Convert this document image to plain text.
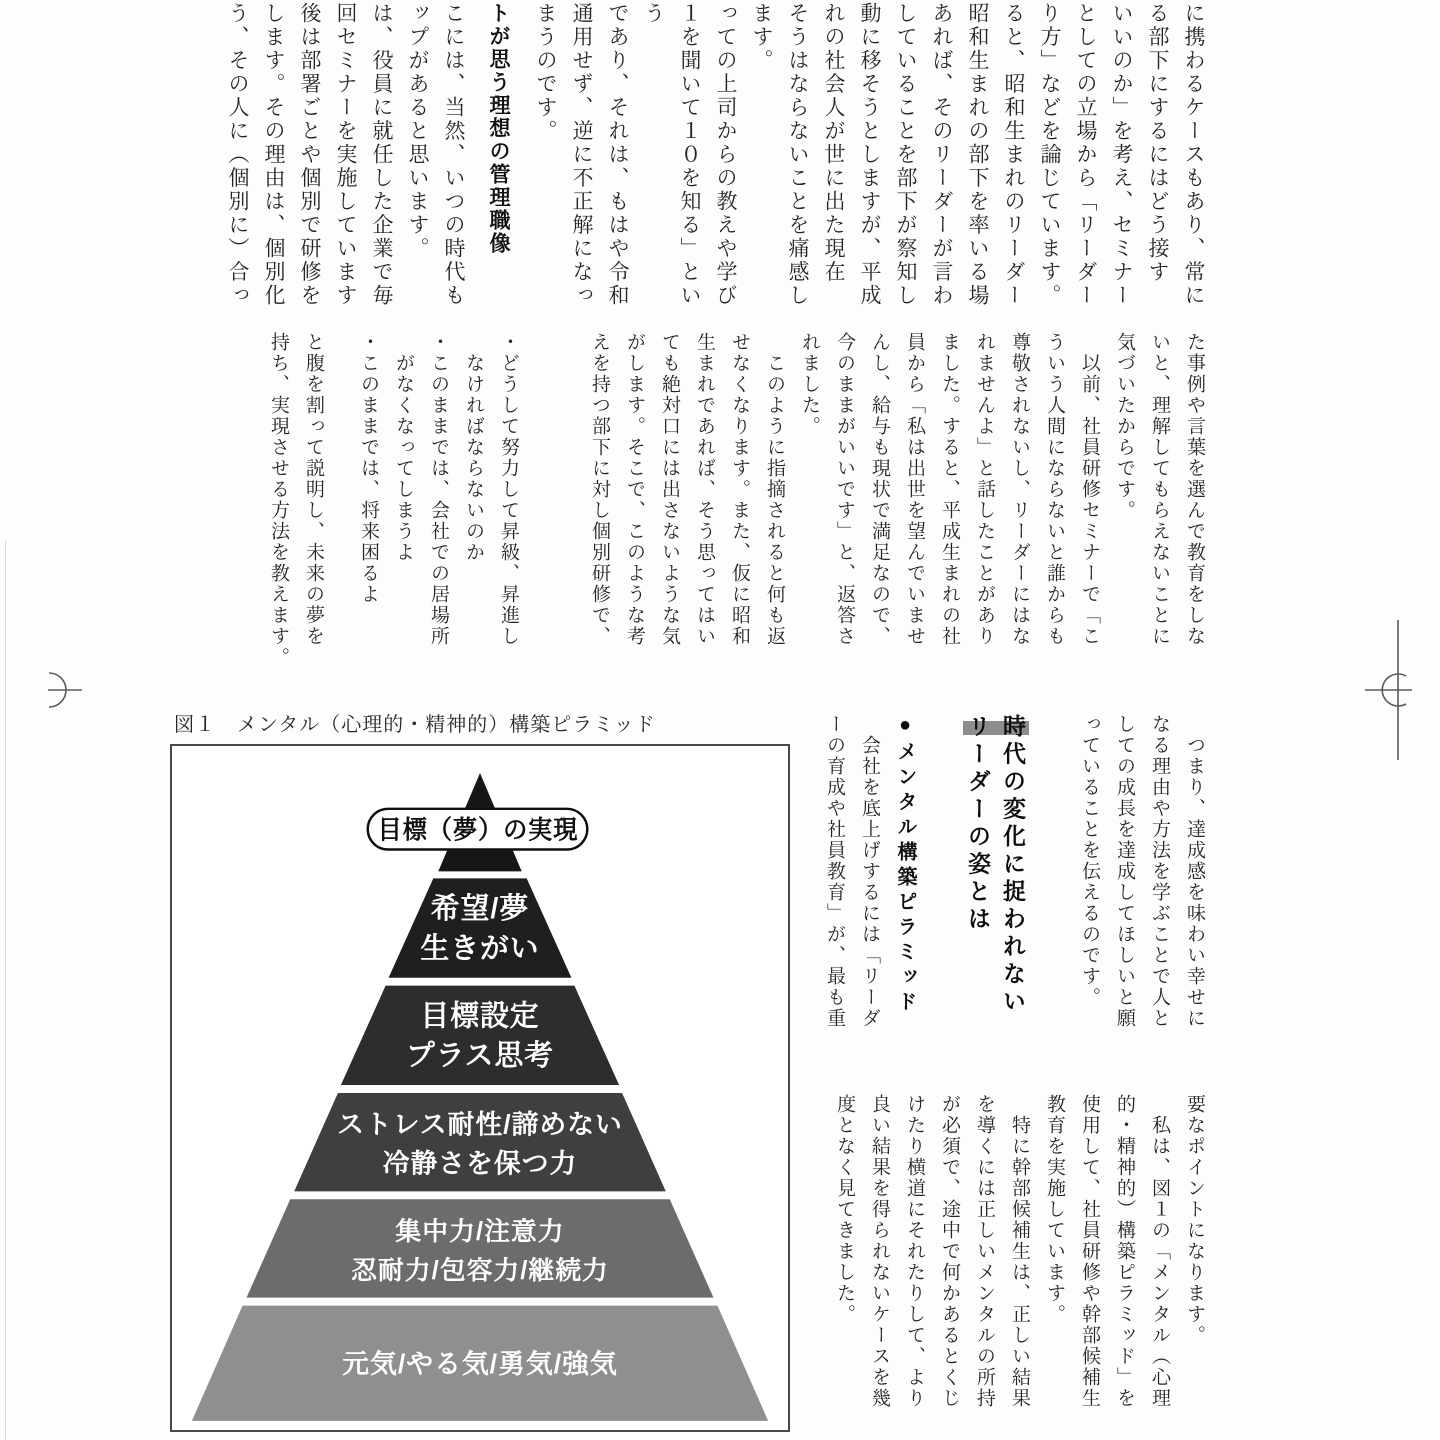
に携わるケースもあり、常に

る部下にするにはどう接す

いいのか」を考え、セミナー

としての立場から「リーダー

り方」などを論じています。

ると、昭和生まれのリーダー

昭和生まれの部下を率いる場

あれば、そのリーダーが言わ

していることを部下が察知し

動に移そうとしますが、平成

れの社会人が世に出た現在

そうはならないことを痛感し

ます。

っての上司からの教えや学び

１を聞いて１０を知る」という

であり、それは、もはや令和

通用せず、逆に不正解になっ

まうのです。

トが思う理想の管理職像

こには、当然、いつの時代も

ップがあると思います。

は、役員に就任した企業で毎

回セミナーを実施しています

後は部署ごとや個別で研修を

します。その理由は、個別化

う、その人に（個別に）合っ

た事例や言葉を選んで教育をしな

いと、理解してもらえないことに

気づいたからです。

　以前、社員研修セミナーで「こ

ういう人間にならないと誰からも

尊敬されないし、リーダーにはな

れませんよ」と話したことがあり

ました。すると、平成生まれの社

員から「私は出世を望んでいませ

んし、給与も現状で満足なので、

今のままがいいです」と、返答さ

れました。

　このように指摘されると何も返

せなくなります。また、仮に昭和

生まれであれば、そう思ってはい

ても絶対口には出さないような気

がします。そこで、このような考

えを持つ部下に対し個別研修で、

・どうして努力して昇級、昇進し

　なければならないのか

・このままでは、会社での居場所

　がなくなってしまうよ

・このままでは、将来困るよ

と腹を割って説明し、未来の夢を

持ち、実現させる方法を教えます。

　つまり、達成感を味わい幸せに

なる理由や方法を学ぶことで人と

しての成長を達成してほしいと願

っていることを伝えるのです。

時代の変化に捉われない

リーダーの姿とは

●メンタル構築ピラミッド

　会社を底上げするには「リーダ

ーの育成や社員教育」が、最も重

要なポイントになります。

　私は、図１の「メンタル（心理

的・精神的）構築ピラミッド」を

使用して、社員研修や幹部候補生

教育を実施しています。

　特に幹部候補生は、正しい結果

を導くには正しいメンタルの所持

が必須で、途中で何かあるとくじ

けたり横道にそれたりして、より

良い結果を得られないケースを幾

度となく見てきました。

図１　メンタル（心理的・精神的）構築ピラミッド
目標（夢）の実現
希望/夢
生きがい
目標設定
プラス思考
ストレス耐性/諦めない
冷静さを保つ力
集中力/注意力
忍耐力/包容力/継続力
元気/やる気/勇気/強気
